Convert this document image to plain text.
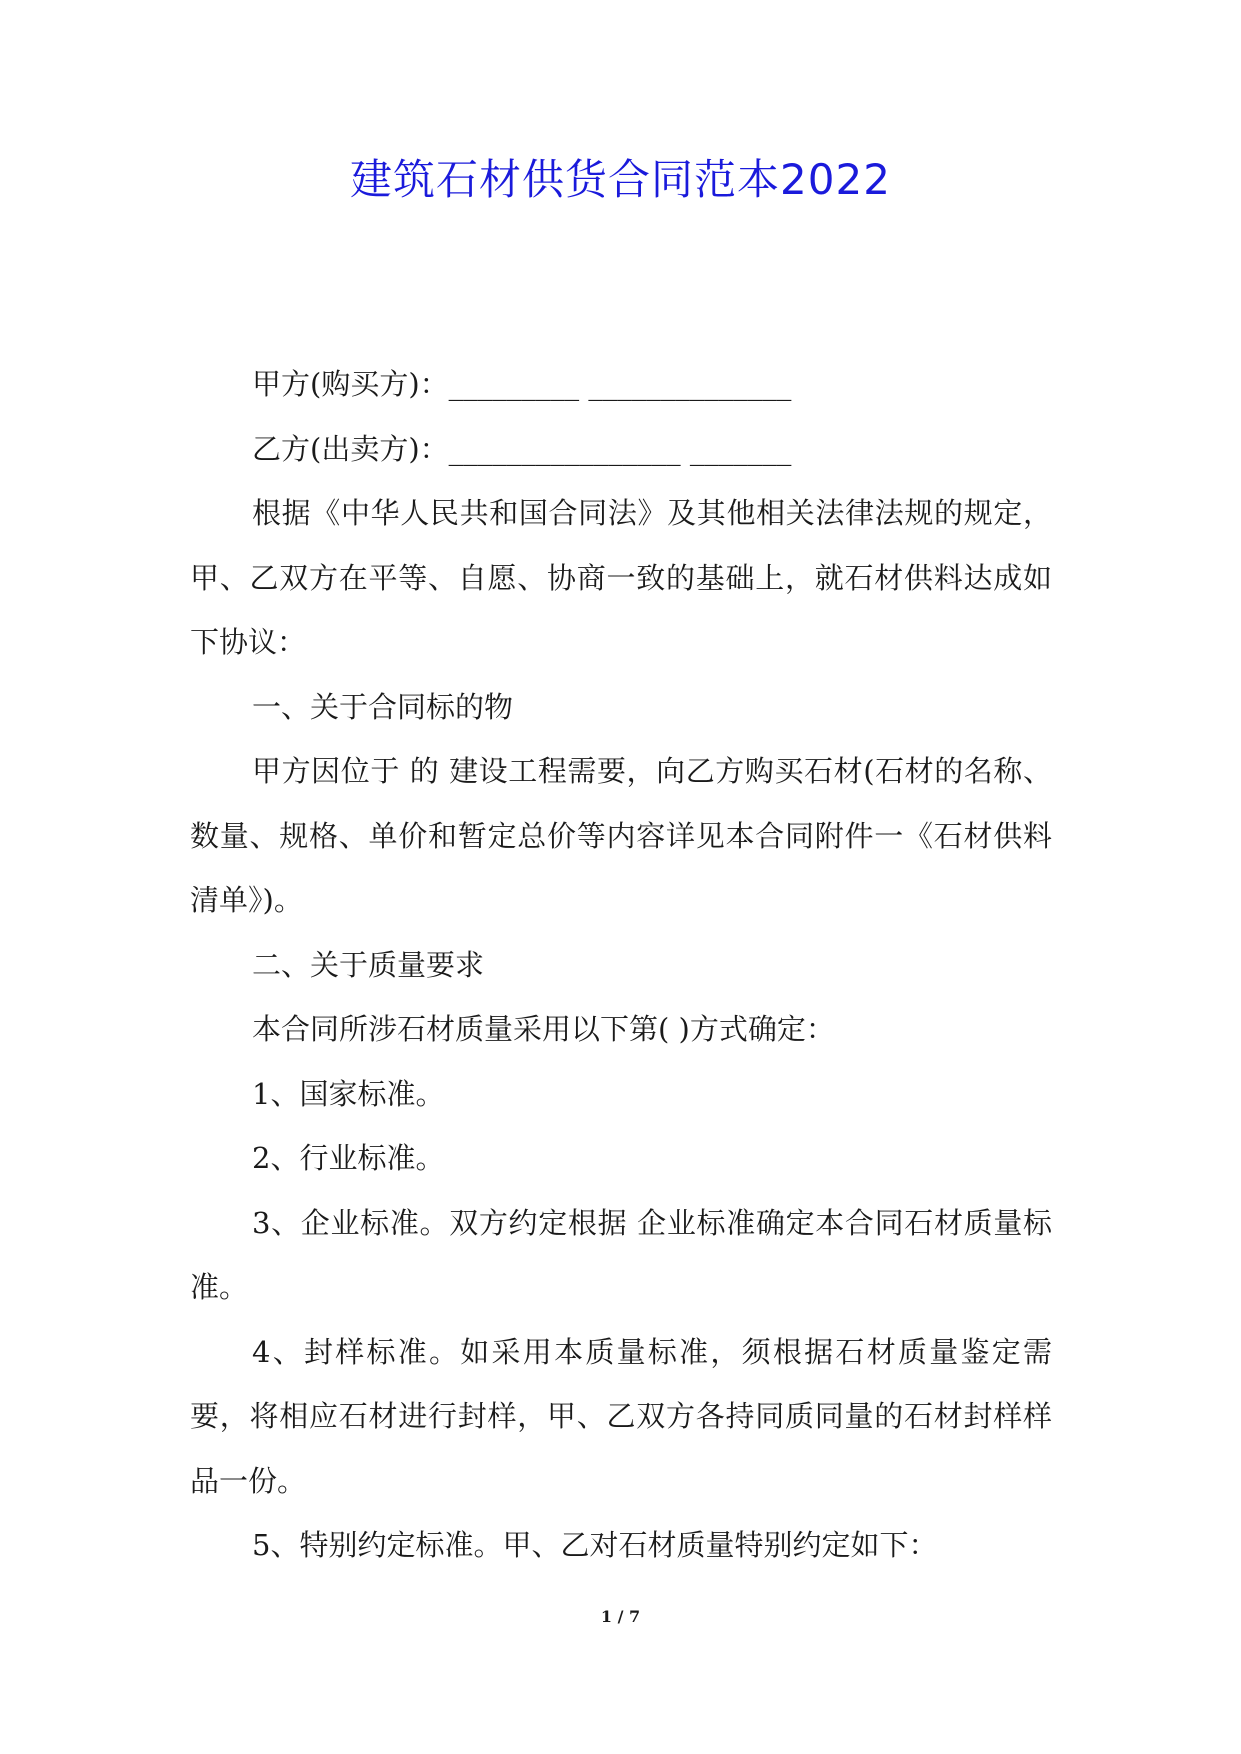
建筑石材供货合同范本2022

甲方(购买方)：_________ ______________

乙方(出卖方)：________________ _______

根据《中华人民共和国合同法》及其他相关法律法规的规定，甲、乙双方在平等、自愿、协商一致的基础上，就石材供料达成如下协议：

一、关于合同标的物

甲方因位于 的 建设工程需要，向乙方购买石材(石材的名称、数量、规格、单价和暂定总价等内容详见本合同附件一《石材供料清单》)。

二、关于质量要求

本合同所涉石材质量采用以下第( )方式确定：

1、国家标准。

2、行业标准。

3、企业标准。双方约定根据 企业标准确定本合同石材质量标准。

4、封样标准。如采用本质量标准，须根据石材质量鉴定需要，将相应石材进行封样，甲、乙双方各持同质同量的石材封样样品一份。

5、特别约定标准。甲、乙对石材质量特别约定如下：

1 / 7
